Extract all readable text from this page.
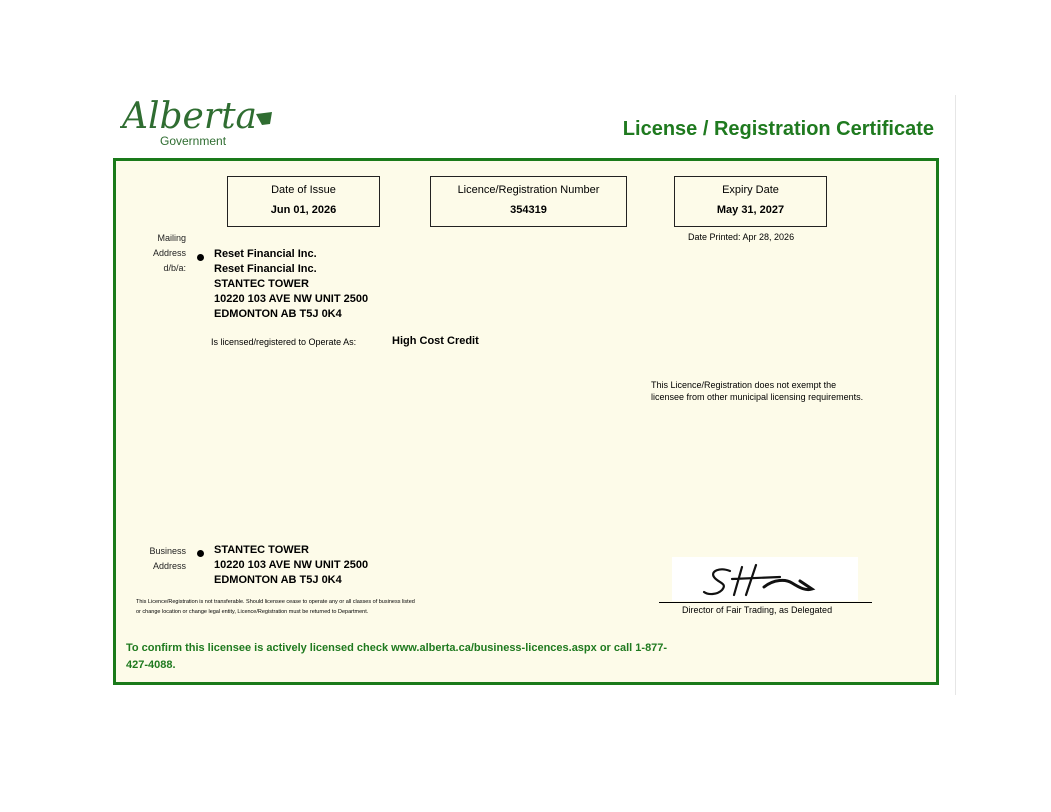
Alberta
Government
License / Registration Certificate
Date of Issue
Jun 01, 2026
Licence/Registration Number
354319
Expiry Date
May 31, 2027
Date Printed: Apr 28, 2026
Mailing
Address
d/b/a:
Reset Financial Inc.
Reset Financial Inc.
STANTEC TOWER
10220 103 AVE NW UNIT 2500
EDMONTON AB T5J 0K4
Is licensed/registered to Operate As:	High Cost Credit
This Licence/Registration does not exempt the licensee from other municipal licensing requirements.
Business
Address
STANTEC TOWER
10220 103 AVE NW UNIT 2500
EDMONTON AB T5J 0K4
Director of Fair Trading, as Delegated
This Licence/Registration is not transferable. Should licensee cease to operate any or all classes of business listed or change location or change legal entity, Licence/Registration must be returned to Department.
To confirm this licensee is actively licensed check www.alberta.ca/business-licences.aspx or call 1-877-427-4088.
